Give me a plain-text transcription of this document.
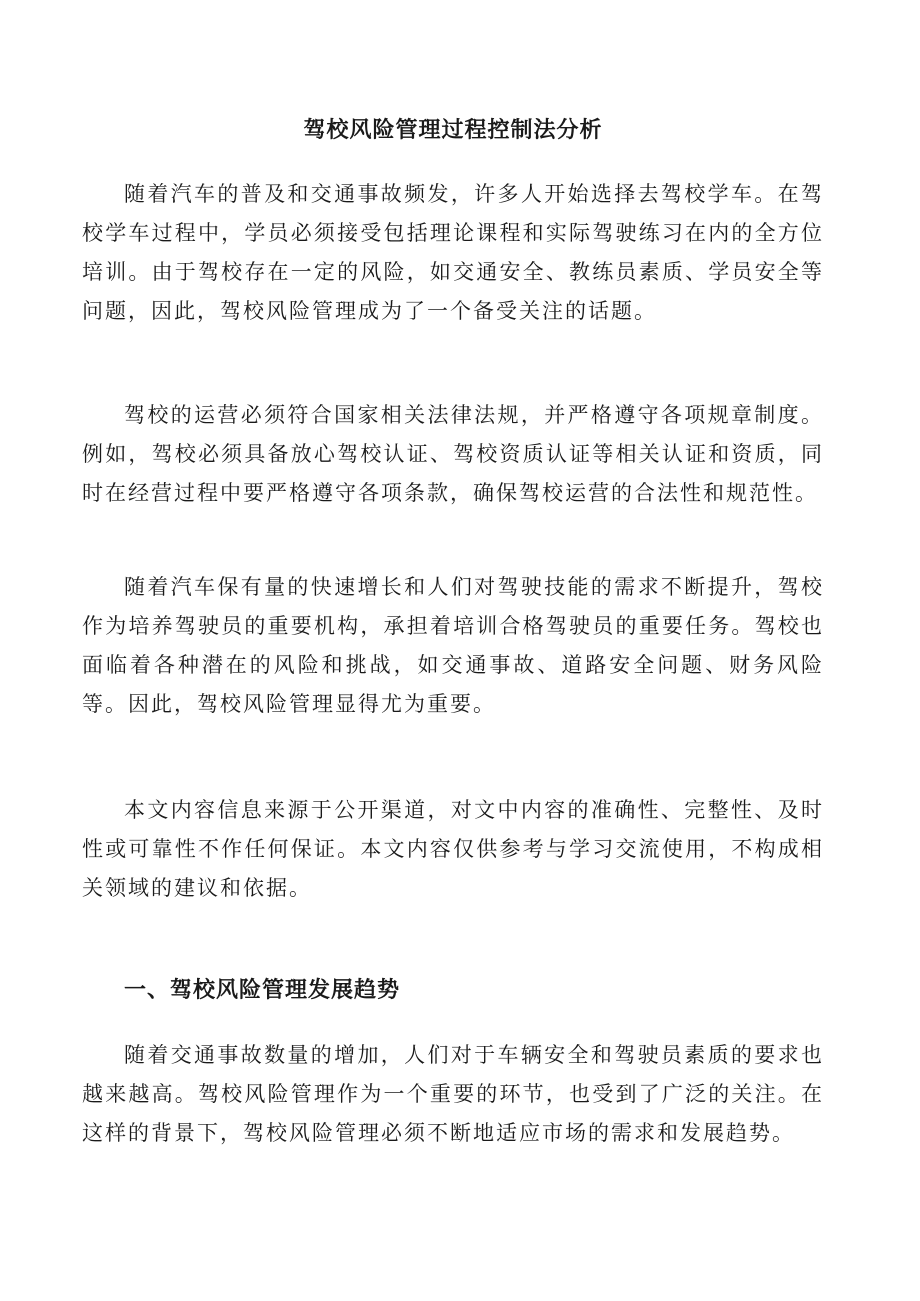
驾校风险管理过程控制法分析

随着汽车的普及和交通事故频发，许多人开始选择去驾校学车。在驾校学车过程中，学员必须接受包括理论课程和实际驾驶练习在内的全方位培训。由于驾校存在一定的风险，如交通安全、教练员素质、学员安全等问题，因此，驾校风险管理成为了一个备受关注的话题。

驾校的运营必须符合国家相关法律法规，并严格遵守各项规章制度。例如，驾校必须具备放心驾校认证、驾校资质认证等相关认证和资质，同时在经营过程中要严格遵守各项条款，确保驾校运营的合法性和规范性。

随着汽车保有量的快速增长和人们对驾驶技能的需求不断提升，驾校作为培养驾驶员的重要机构，承担着培训合格驾驶员的重要任务。驾校也面临着各种潜在的风险和挑战，如交通事故、道路安全问题、财务风险等。因此，驾校风险管理显得尤为重要。

本文内容信息来源于公开渠道，对文中内容的准确性、完整性、及时性或可靠性不作任何保证。本文内容仅供参考与学习交流使用，不构成相关领域的建议和依据。

一、驾校风险管理发展趋势

随着交通事故数量的增加，人们对于车辆安全和驾驶员素质的要求也越来越高。驾校风险管理作为一个重要的环节，也受到了广泛的关注。在这样的背景下，驾校风险管理必须不断地适应市场的需求和发展趋势。
